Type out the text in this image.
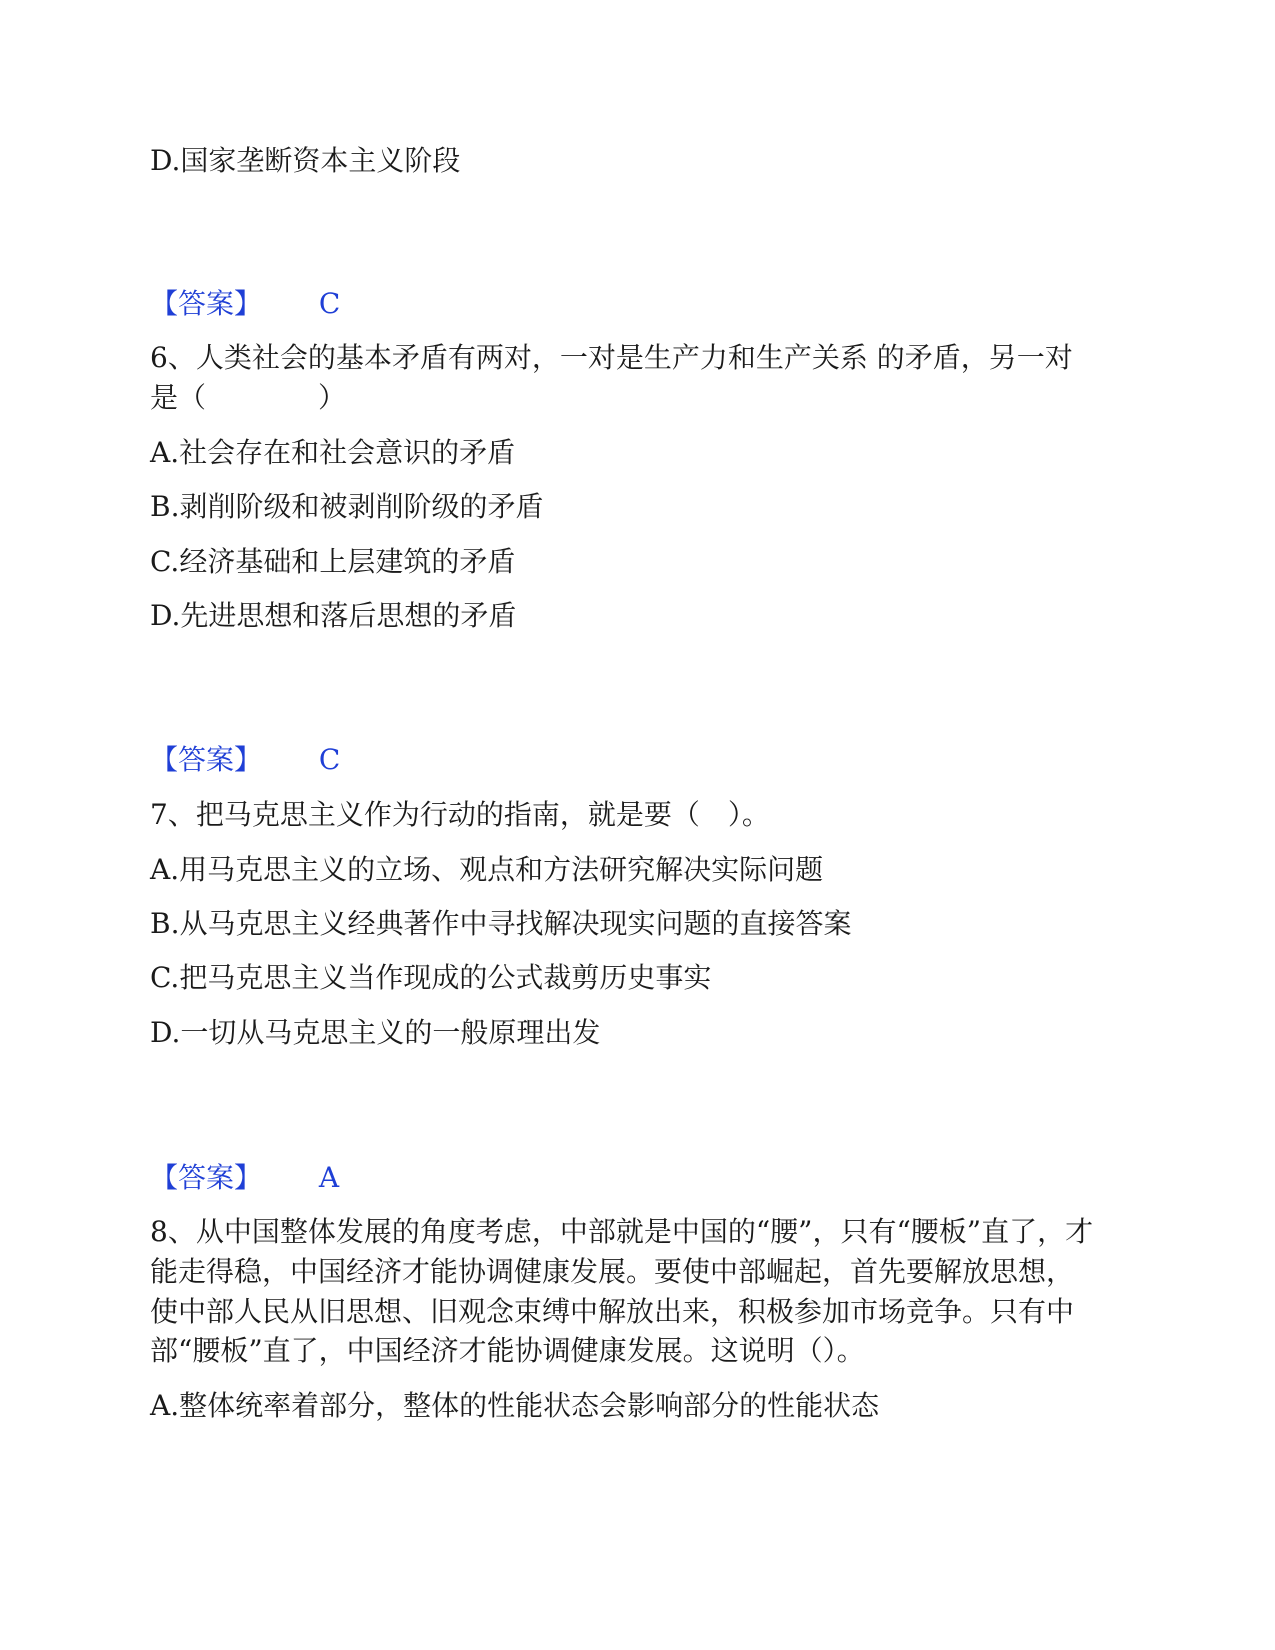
D.国家垄断资本主义阶段

【答案】 C

6、人类社会的基本矛盾有两对，一对是生产力和生产关系 的矛盾，另一对

是（　　　　）

A.社会存在和社会意识的矛盾

B.剥削阶级和被剥削阶级的矛盾

C.经济基础和上层建筑的矛盾

D.先进思想和落后思想的矛盾

【答案】 C

7、把马克思主义作为行动的指南，就是要（　）。

A.用马克思主义的立场、观点和方法研究解决实际问题

B.从马克思主义经典著作中寻找解决现实问题的直接答案

C.把马克思主义当作现成的公式裁剪历史事实

D.一切从马克思主义的一般原理出发

【答案】 A

8、从中国整体发展的角度考虑，中部就是中国的“腰”，只有“腰板”直了，才

能走得稳，中国经济才能协调健康发展。要使中部崛起，首先要解放思想，

使中部人民从旧思想、旧观念束缚中解放出来，积极参加市场竞争。只有中

部“腰板”直了，中国经济才能协调健康发展。这说明（）。

A.整体统率着部分，整体的性能状态会影响部分的性能状态
